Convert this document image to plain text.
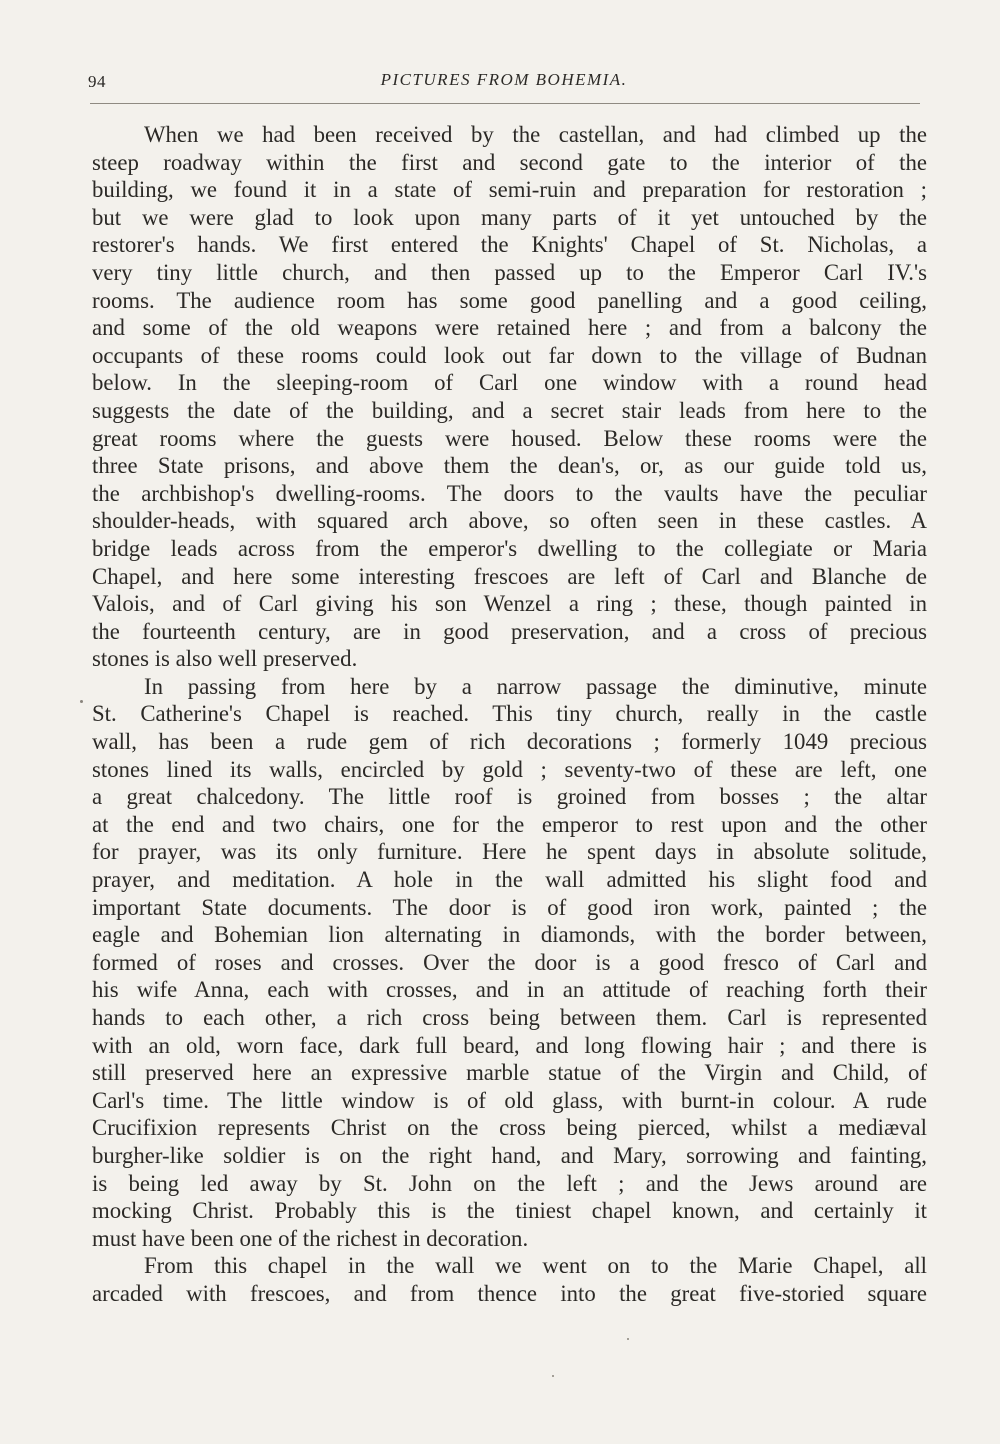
94	PICTURES FROM BOHEMIA.
When we had been received by the castellan, and had climbed up the
steep roadway within the first and second gate to the interior of the
building, we found it in a state of semi-ruin and preparation for restoration ;
but we were glad to look upon many parts of it yet untouched by the
restorer's hands. We first entered the Knights' Chapel of St. Nicholas, a
very tiny little church, and then passed up to the Emperor Carl IV.'s
rooms. The audience room has some good panelling and a good ceiling,
and some of the old weapons were retained here ; and from a balcony the
occupants of these rooms could look out far down to the village of Budnan
below. In the sleeping-room of Carl one window with a round head
suggests the date of the building, and a secret stair leads from here to the
great rooms where the guests were housed. Below these rooms were the
three State prisons, and above them the dean's, or, as our guide told us,
the archbishop's dwelling-rooms. The doors to the vaults have the peculiar
shoulder-heads, with squared arch above, so often seen in these castles. A
bridge leads across from the emperor's dwelling to the collegiate or Maria
Chapel, and here some interesting frescoes are left of Carl and Blanche de
Valois, and of Carl giving his son Wenzel a ring ; these, though painted in
the fourteenth century, are in good preservation, and a cross of precious
stones is also well preserved.
In passing from here by a narrow passage the diminutive, minute
St. Catherine's Chapel is reached. This tiny church, really in the castle
wall, has been a rude gem of rich decorations ; formerly 1049 precious
stones lined its walls, encircled by gold ; seventy-two of these are left, one
a great chalcedony. The little roof is groined from bosses ; the altar
at the end and two chairs, one for the emperor to rest upon and the other
for prayer, was its only furniture. Here he spent days in absolute solitude,
prayer, and meditation. A hole in the wall admitted his slight food and
important State documents. The door is of good iron work, painted ; the
eagle and Bohemian lion alternating in diamonds, with the border between,
formed of roses and crosses. Over the door is a good fresco of Carl and
his wife Anna, each with crosses, and in an attitude of reaching forth their
hands to each other, a rich cross being between them. Carl is represented
with an old, worn face, dark full beard, and long flowing hair ; and there is
still preserved here an expressive marble statue of the Virgin and Child, of
Carl's time. The little window is of old glass, with burnt-in colour. A rude
Crucifixion represents Christ on the cross being pierced, whilst a mediæval
burgher-like soldier is on the right hand, and Mary, sorrowing and fainting,
is being led away by St. John on the left ; and the Jews around are
mocking Christ. Probably this is the tiniest chapel known, and certainly it
must have been one of the richest in decoration.
From this chapel in the wall we went on to the Marie Chapel, all
arcaded with frescoes, and from thence into the great five-storied square
